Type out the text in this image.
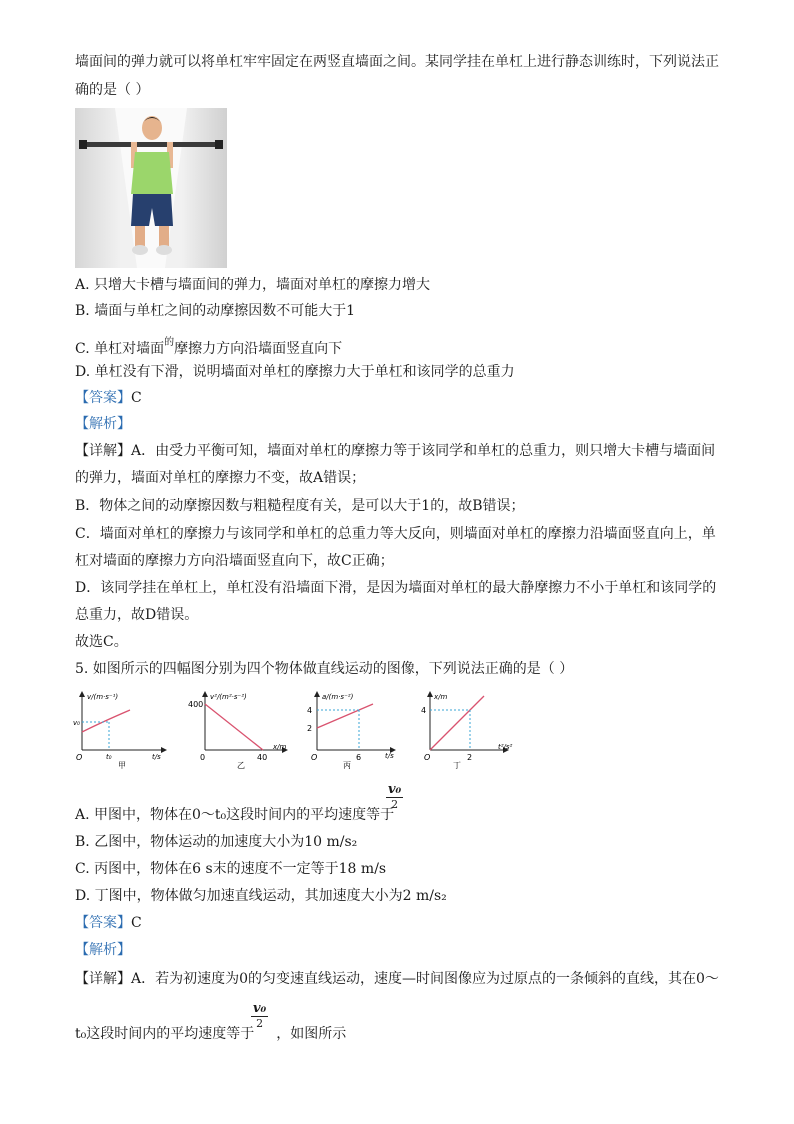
墙面间的弹力就可以将单杠牢牢固定在两竖直墙面之间。某同学挂在单杠上进行静态训练时，下列说法正
确的是（ ）
A. 只增大卡槽与墙面间的弹力，墙面对单杠的摩擦力增大
B. 墙面与单杠之间的动摩擦因数不可能大于1
C. 单杠对墙面$^的$摩擦力方向沿墙面竖直向下
D. 单杠没有下滑，说明墙面对单杠的摩擦力大于单杠和该同学的总重力
【答案】C
【解析】
【详解】A．由受力平衡可知，墙面对单杠的摩擦力等于该同学和单杠的总重力，则只增大卡槽与墙面间
的弹力，墙面对单杠的摩擦力不变，故A错误；
B．物体之间的动摩擦因数与粗糙程度有关，是可以大于1的，故B错误；
C．墙面对单杠的摩擦力与该同学和单杠的总重力等大反向，则墙面对单杠的摩擦力沿墙面竖直向上，单
杠对墙面的摩擦力方向沿墙面竖直向下，故C正确；
D．该同学挂在单杠上，单杠没有沿墙面下滑，是因为墙面对单杠的最大静摩擦力不小于单杠和该同学的
总重力，故D错误。
故选C。
5. 如图所示的四幅图分别为四个物体做直线运动的图像，下列说法正确的是（ ）
v/(m·s⁻¹)
v₀
O	t₀	t/s
甲
v²/(m²·s⁻²)
400
0	40
x/m
乙
a/(m·s⁻²)
4
2
O	6	t/s
丙
x/m
4
O	2
t²/s²
丁
A. 甲图中，物体在0～t₀这段时间内的平均速度等于
v₀
2
B. 乙图中，物体运动的加速度大小为10 m/s₂
C. 丙图中，物体在6 s末的速度不一定等于18 m/s
D. 丁图中，物体做匀加速直线运动，其加速度大小为2 m/s₂
【答案】C
【解析】
【详解】A．若为初速度为0的匀变速直线运动，速度—时间图像应为过原点的一条倾斜的直线，其在0～
t₀这段时间内的平均速度等于 ，如图所示
v₀
2
